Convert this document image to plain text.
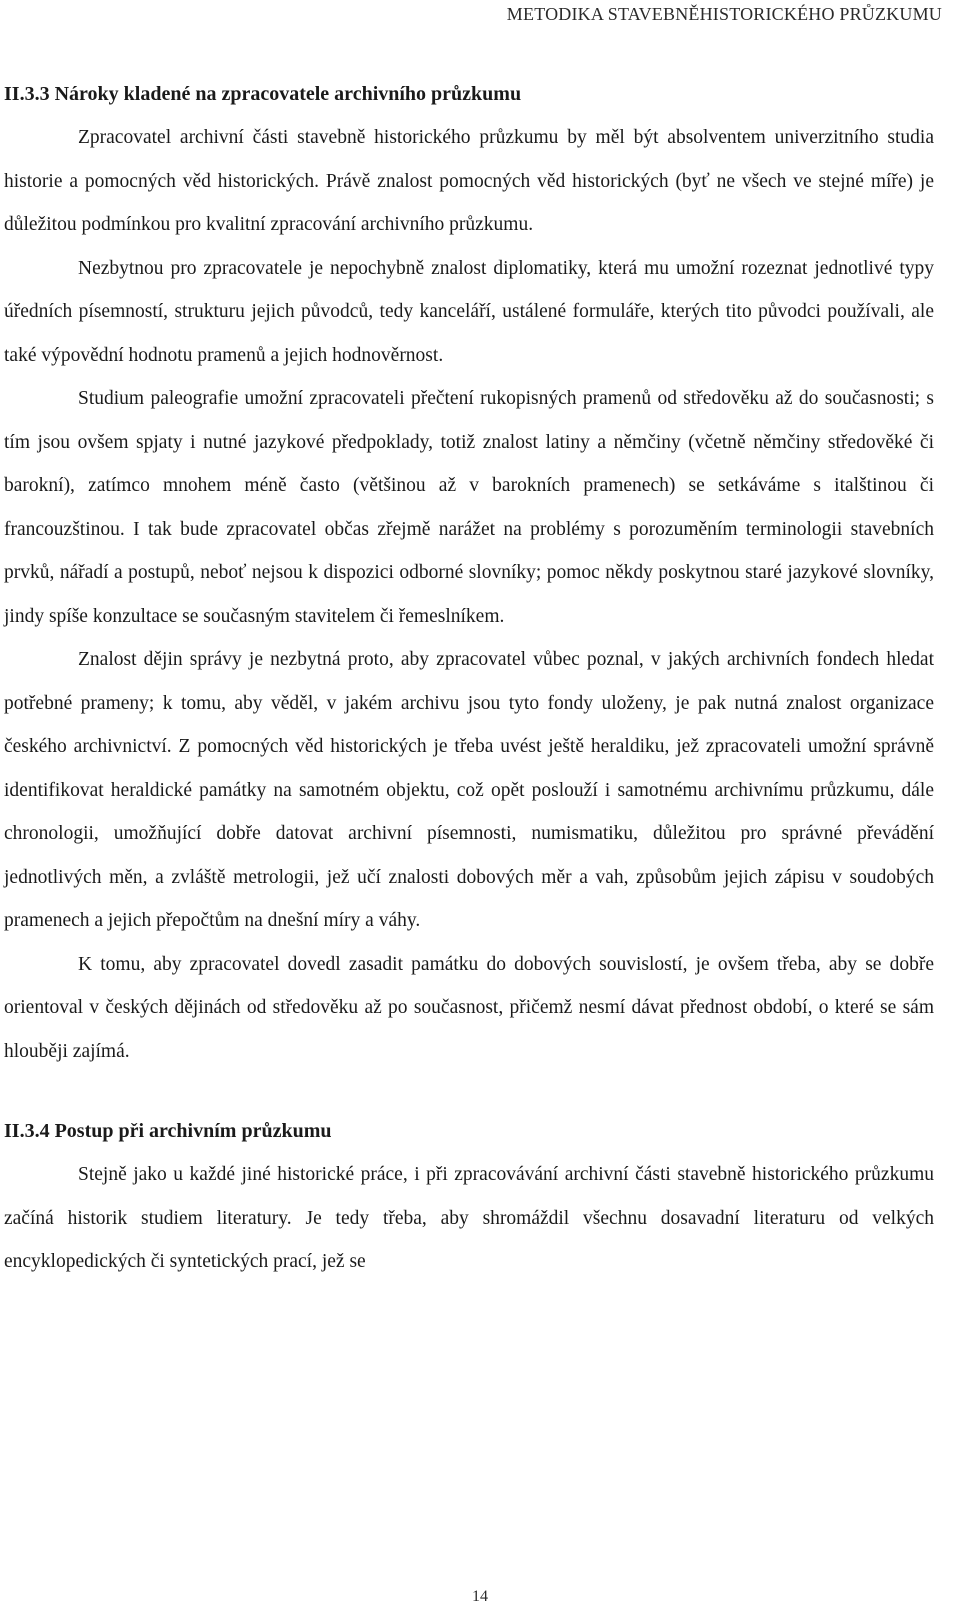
METODIKA STAVEBNĚHISTORICKÉHO PRŮZKUMU
II.3.3 Nároky kladené na zpracovatele archivního průzkumu

Zpracovatel archivní části stavebně historického průzkumu by měl být absolventem univerzitního studia historie a pomocných věd historických. Právě znalost pomocných věd historických (byť ne všech ve stejné míře) je důležitou podmínkou pro kvalitní zpracování archivního průzkumu.

Nezbytnou pro zpracovatele je nepochybně znalost diplomatiky, která mu umožní rozeznat jednotlivé typy úředních písemností, strukturu jejich původců, tedy kanceláří, ustálené formuláře, kterých tito původci používali, ale také výpovědní hodnotu pramenů a jejich hodnověrnost.

Studium paleografie umožní zpracovateli přečtení rukopisných pramenů od středověku až do současnosti; s tím jsou ovšem spjaty i nutné jazykové předpoklady, totiž znalost latiny a němčiny (včetně němčiny středověké či barokní), zatímco mnohem méně často (většinou až v barokních pramenech) se setkáváme s italštinou či francouzštinou. I tak bude zpracovatel občas zřejmě narážet na problémy s porozuměním terminologii stavebních prvků, nářadí a postupů, neboť nejsou k dispozici odborné slovníky; pomoc někdy poskytnou staré jazykové slovníky, jindy spíše konzultace se současným stavitelem či řemeslníkem.

Znalost dějin správy je nezbytná proto, aby zpracovatel vůbec poznal, v jakých archivních fondech hledat potřebné prameny; k tomu, aby věděl, v jakém archivu jsou tyto fondy uloženy, je pak nutná znalost organizace českého archivnictví. Z pomocných věd historických je třeba uvést ještě heraldiku, jež zpracovateli umožní správně identifikovat heraldické památky na samotném objektu, což opět poslouží i samotnému archivnímu průzkumu, dále chronologii, umožňující dobře datovat archivní písemnosti, numismatiku, důležitou pro správné převádění jednotlivých měn, a zvláště metrologii, jež učí znalosti dobových měr a vah, způsobům jejich zápisu v soudobých pramenech a jejich přepočtům na dnešní míry a váhy.

K tomu, aby zpracovatel dovedl zasadit památku do dobových souvislostí, je ovšem třeba, aby se dobře orientoval v českých dějinách od středověku až po současnost, přičemž nesmí dávat přednost období, o které se sám hlouběji zajímá.

II.3.4 Postup při archivním průzkumu

Stejně jako u každé jiné historické práce, i při zpracovávání archivní části stavebně historického průzkumu začíná historik studiem literatury. Je tedy třeba, aby shromáždil všechnu dosavadní literaturu od velkých encyklopedických či syntetických prací, jež se

14
